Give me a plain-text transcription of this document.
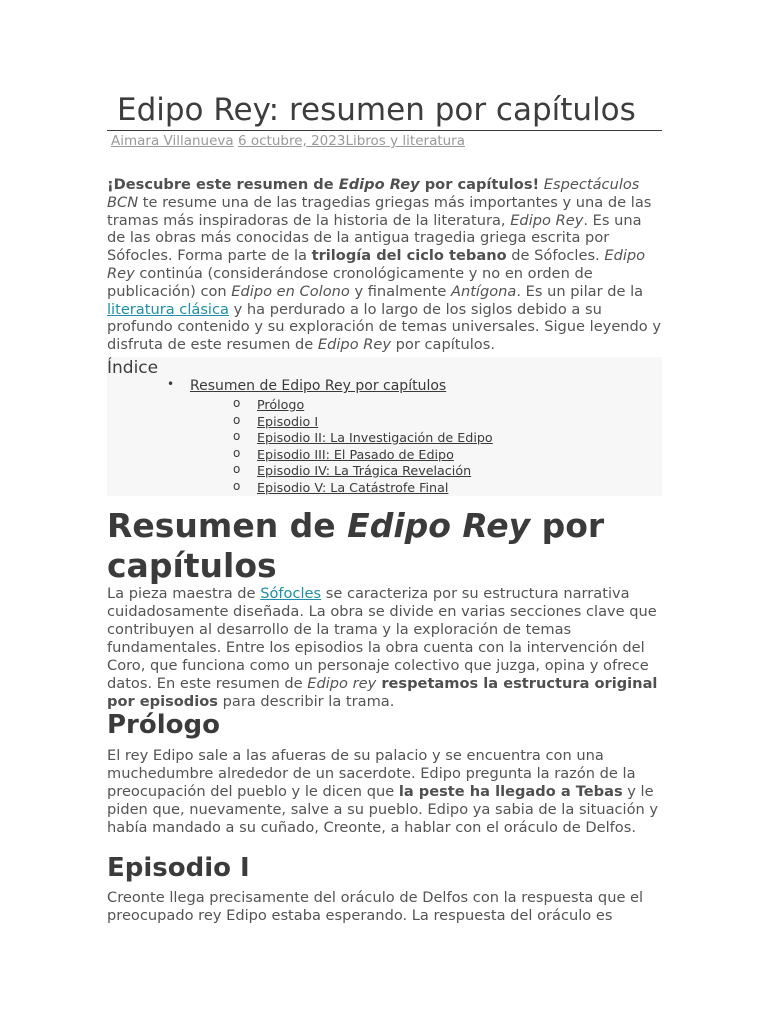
Edipo Rey: resumen por capítulos
Aimara Villanueva 6 octubre, 2023Libros y literatura

¡Descubre este resumen de Edipo Rey por capítulos! Espectáculos BCN te resume una de las tragedias griegas más importantes y una de las tramas más inspiradoras de la historia de la literatura, Edipo Rey. Es una de las obras más conocidas de la antigua tragedia griega escrita por Sófocles. Forma parte de la trilogía del ciclo tebano de Sófocles. Edipo Rey continúa (considerándose cronológicamente y no en orden de publicación) con Edipo en Colono y finalmente Antígona. Es un pilar de la literatura clásica y ha perdurado a lo largo de los siglos debido a su profundo contenido y su exploración de temas universales. Sigue leyendo y disfruta de este resumen de Edipo Rey por capítulos.

Índice
• Resumen de Edipo Rey por capítulos
o Prólogo
o Episodio I
o Episodio II: La Investigación de Edipo
o Episodio III: El Pasado de Edipo
o Episodio IV: La Trágica Revelación
o Episodio V: La Catástrofe Final
Resumen de Edipo Rey por capítulos

La pieza maestra de Sófocles se caracteriza por su estructura narrativa cuidadosamente diseñada. La obra se divide en varias secciones clave que contribuyen al desarrollo de la trama y la exploración de temas fundamentales. Entre los episodios la obra cuenta con la intervención del Coro, que funciona como un personaje colectivo que juzga, opina y ofrece datos. En este resumen de Edipo rey respetamos la estructura original por episodios para describir la trama.

Prólogo

El rey Edipo sale a las afueras de su palacio y se encuentra con una muchedumbre alrededor de un sacerdote. Edipo pregunta la razón de la preocupación del pueblo y le dicen que la peste ha llegado a Tebas y le piden que, nuevamente, salve a su pueblo. Edipo ya sabia de la situación y había mandado a su cuñado, Creonte, a hablar con el oráculo de Delfos.

Episodio I

Creonte llega precisamente del oráculo de Delfos con la respuesta que el preocupado rey Edipo estaba esperando. La respuesta del oráculo es
